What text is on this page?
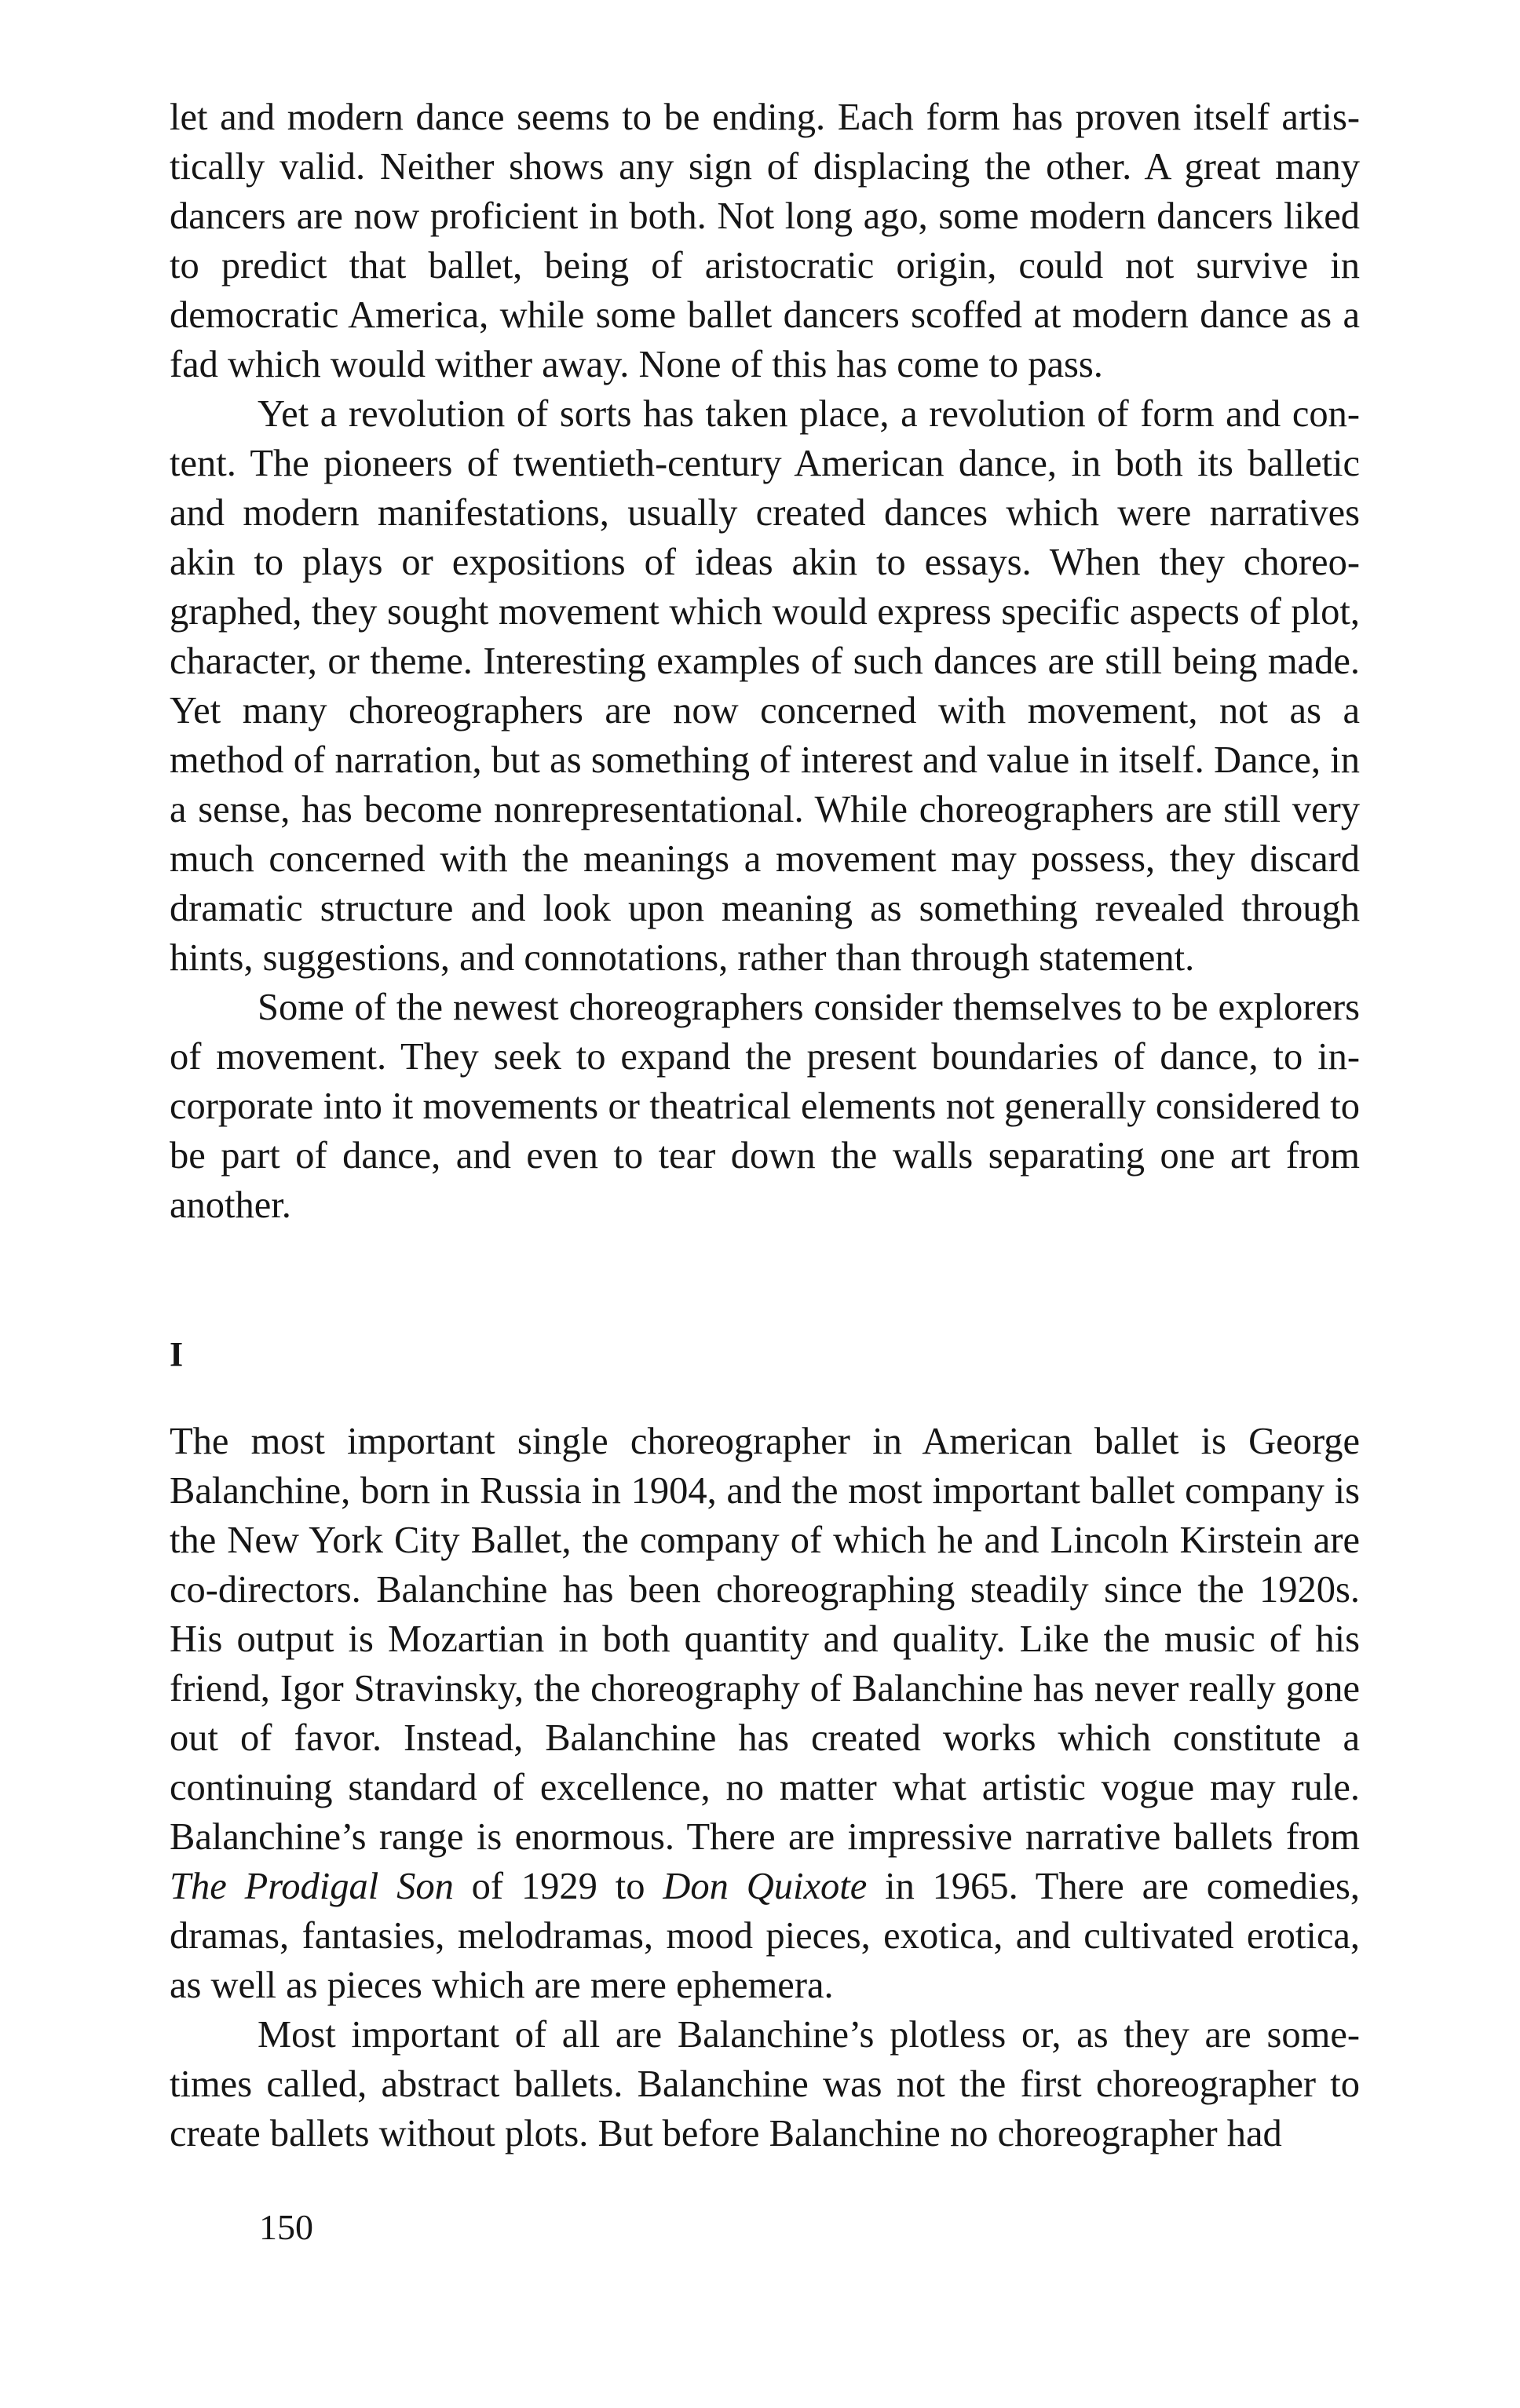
let and modern dance seems to be ending. Each form has proven itself artistically valid. Neither shows any sign of displacing the other. A great many dancers are now proficient in both. Not long ago, some modern dancers liked to predict that ballet, being of aristocratic origin, could not survive in democratic America, while some ballet dancers scoffed at modern dance as a fad which would wither away. None of this has come to pass.

Yet a revolution of sorts has taken place, a revolution of form and content. The pioneers of twentieth-century American dance, in both its balletic and modern manifestations, usually created dances which were narratives akin to plays or expositions of ideas akin to essays. When they choreographed, they sought movement which would express specific aspects of plot, character, or theme. Interesting examples of such dances are still being made. Yet many choreographers are now concerned with movement, not as a method of narration, but as something of interest and value in itself. Dance, in a sense, has become nonrepresentational. While choreographers are still very much concerned with the meanings a movement may possess, they discard dramatic structure and look upon meaning as something revealed through hints, suggestions, and connotations, rather than through statement.

Some of the newest choreographers consider themselves to be explorers of movement. They seek to expand the present boundaries of dance, to incorporate into it movements or theatrical elements not generally considered to be part of dance, and even to tear down the walls separating one art from another.

I

The most important single choreographer in American ballet is George Balanchine, born in Russia in 1904, and the most important ballet company is the New York City Ballet, the company of which he and Lincoln Kirstein are co-directors. Balanchine has been choreographing steadily since the 1920s. His output is Mozartian in both quantity and quality. Like the music of his friend, Igor Stravinsky, the choreography of Balanchine has never really gone out of favor. Instead, Balanchine has created works which constitute a continuing standard of excellence, no matter what artistic vogue may rule. Balanchine’s range is enormous. There are impressive narrative ballets from The Prodigal Son of 1929 to Don Quixote in 1965. There are comedies, dramas, fantasies, melodramas, mood pieces, exotica, and cultivated erotica, as well as pieces which are mere ephemera.

Most important of all are Balanchine’s plotless or, as they are sometimes called, abstract ballets. Balanchine was not the first choreographer to create ballets without plots. But before Balanchine no choreographer had

150
